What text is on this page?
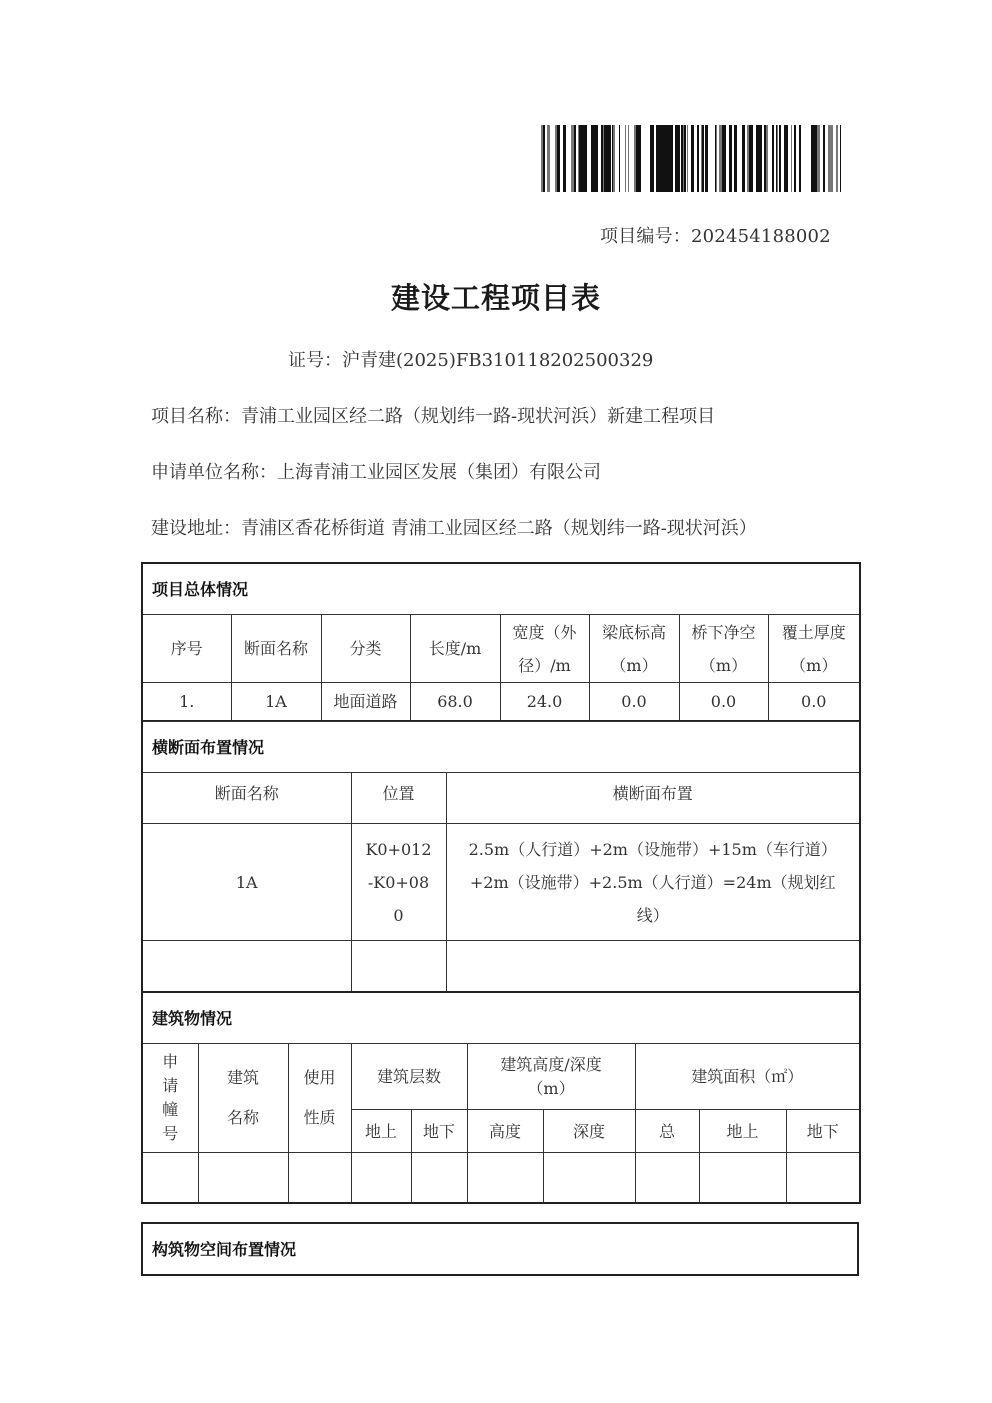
项目编号：202454188002
建设工程项目表
证号：沪青建(2025)FB310118202500329
项目名称：青浦工业园区经二路（规划纬一路-现状河浜）新建工程项目
申请单位名称：上海青浦工业园区发展（集团）有限公司
建设地址：青浦区香花桥街道 青浦工业园区经二路（规划纬一路-现状河浜）
项目总体情况							
序号	断面名称	分类	长度/m	宽度（外径）/m	梁底标高（m）	桥下净空（m）	覆土厚度（m）
1.	1A	地面道路	68.0	24.0	0.0	0.0	0.0
横断面布置情况		
断面名称	位置	横断面布置
1A	K0+012-K0+080	2.5m（人行道）+2m（设施带）+15m（车行道）+2m（设施带）+2.5m（人行道）=24m（规划红线）

建筑物情况									
申请幢号	建筑名称	使用性质	建筑层数		建筑高度/深度（m）		建筑面积（㎡）		
			地上	地下	高度	深度	总	地上	地下

构筑物空间布置情况
